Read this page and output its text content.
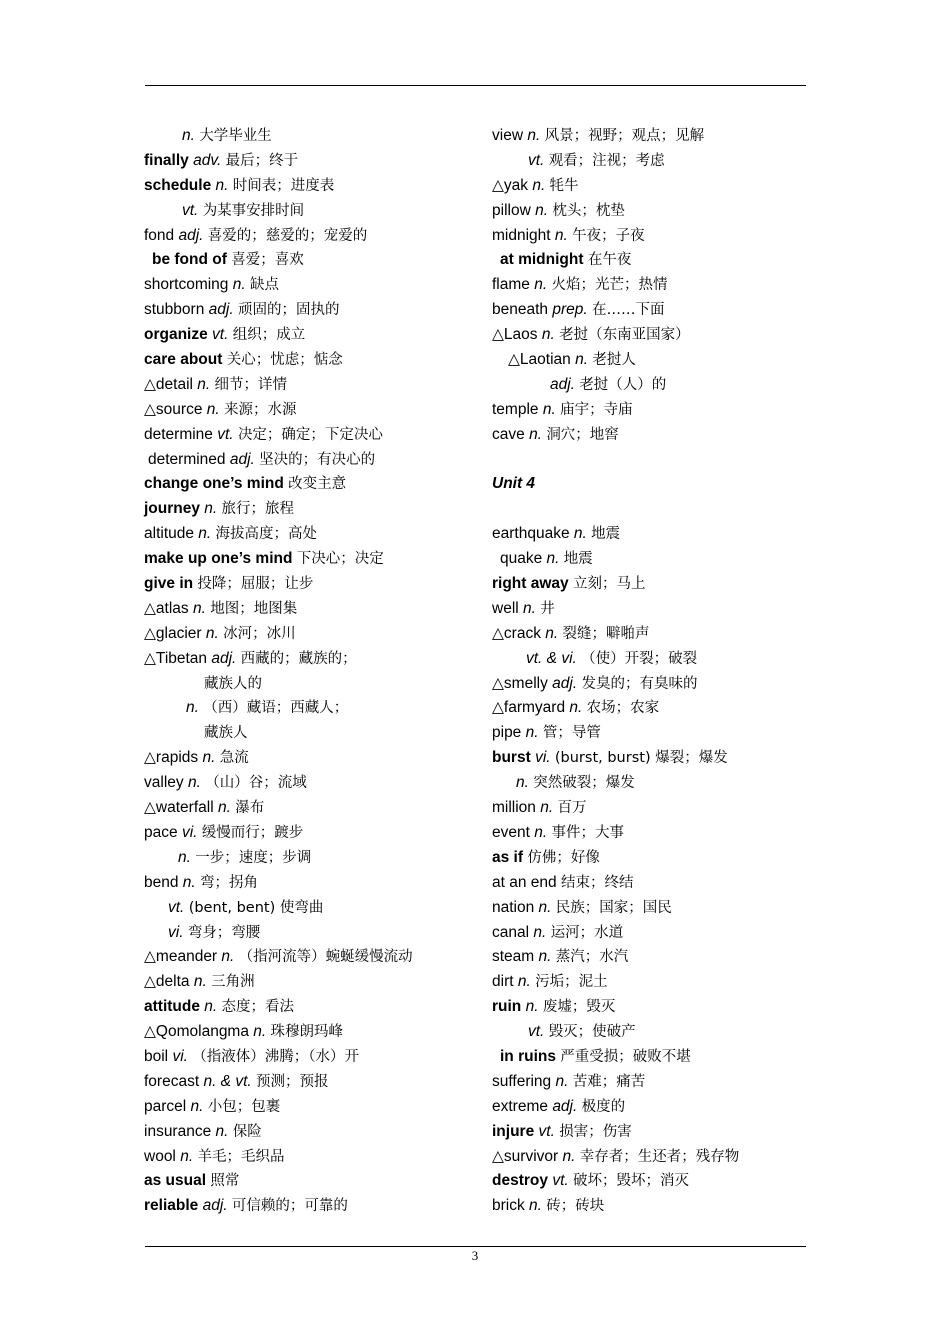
n. 大学毕业生
finally adv. 最后；终于
schedule n. 时间表；进度表
vt. 为某事安排时间
fond adj. 喜爱的；慈爱的；宠爱的
be fond of 喜爱；喜欢
shortcoming n. 缺点
stubborn adj. 顽固的；固执的
organize vt. 组织；成立
care about 关心；忧虑；惦念
△detail n. 细节；详情
△source n. 来源；水源
determine vt. 决定；确定；下定决心
determined adj. 坚决的；有决心的
change one’s mind 改变主意
journey n. 旅行；旅程
altitude n. 海拔高度；高处
make up one’s mind 下决心；决定
give in 投降；屈服；让步
△atlas n. 地图；地图集
△glacier n. 冰河；冰川
△Tibetan adj. 西藏的；藏族的；
藏族人的
n. （西）藏语；西藏人；
藏族人
△rapids n. 急流
valley n. （山）谷；流域
△waterfall n. 瀑布
pace vi. 缓慢而行；踱步
n. 一步；速度；步调
bend n. 弯；拐角
vt. (bent, bent) 使弯曲
vi. 弯身；弯腰
△meander n. （指河流等）蜿蜒缓慢流动
△delta n. 三角洲
attitude n. 态度；看法
△Qomolangma n. 珠穆朗玛峰
boil vi. （指液体）沸腾；（水）开
forecast n. & vt. 预测；预报
parcel n. 小包；包裹
insurance n. 保险
wool n. 羊毛；毛织品
as usual 照常
reliable adj. 可信赖的；可靠的
view n. 风景；视野；观点；见解
vt. 观看；注视；考虑
△yak n. 牦牛
pillow n. 枕头；枕垫
midnight n. 午夜；子夜
at midnight 在午夜
flame n. 火焰；光芒；热情
beneath prep. 在……下面
△Laos n. 老挝（东南亚国家）
△Laotian n. 老挝人
adj. 老挝（人）的
temple n. 庙宇；寺庙
cave n. 洞穴；地窖
Unit 4
earthquake n. 地震
quake n. 地震
right away 立刻；马上
well n. 井
△crack n. 裂缝；噼啪声
vt. & vi. （使）开裂；破裂
△smelly adj. 发臭的；有臭味的
△farmyard n. 农场；农家
pipe n. 管；导管
burst vi. (burst, burst) 爆裂；爆发
n. 突然破裂；爆发
million n. 百万
event n. 事件；大事
as if 仿佛；好像
at an end 结束；终结
nation n. 民族；国家；国民
canal n. 运河；水道
steam n. 蒸汽；水汽
dirt n. 污垢；泥土
ruin n. 废墟；毁灭
vt. 毁灭；使破产
in ruins 严重受损；破败不堪
suffering n. 苦难；痛苦
extreme adj. 极度的
injure vt. 损害；伤害
△survivor n. 幸存者；生还者；残存物
destroy vt. 破坏；毁坏；消灭
brick n. 砖；砖块
3
